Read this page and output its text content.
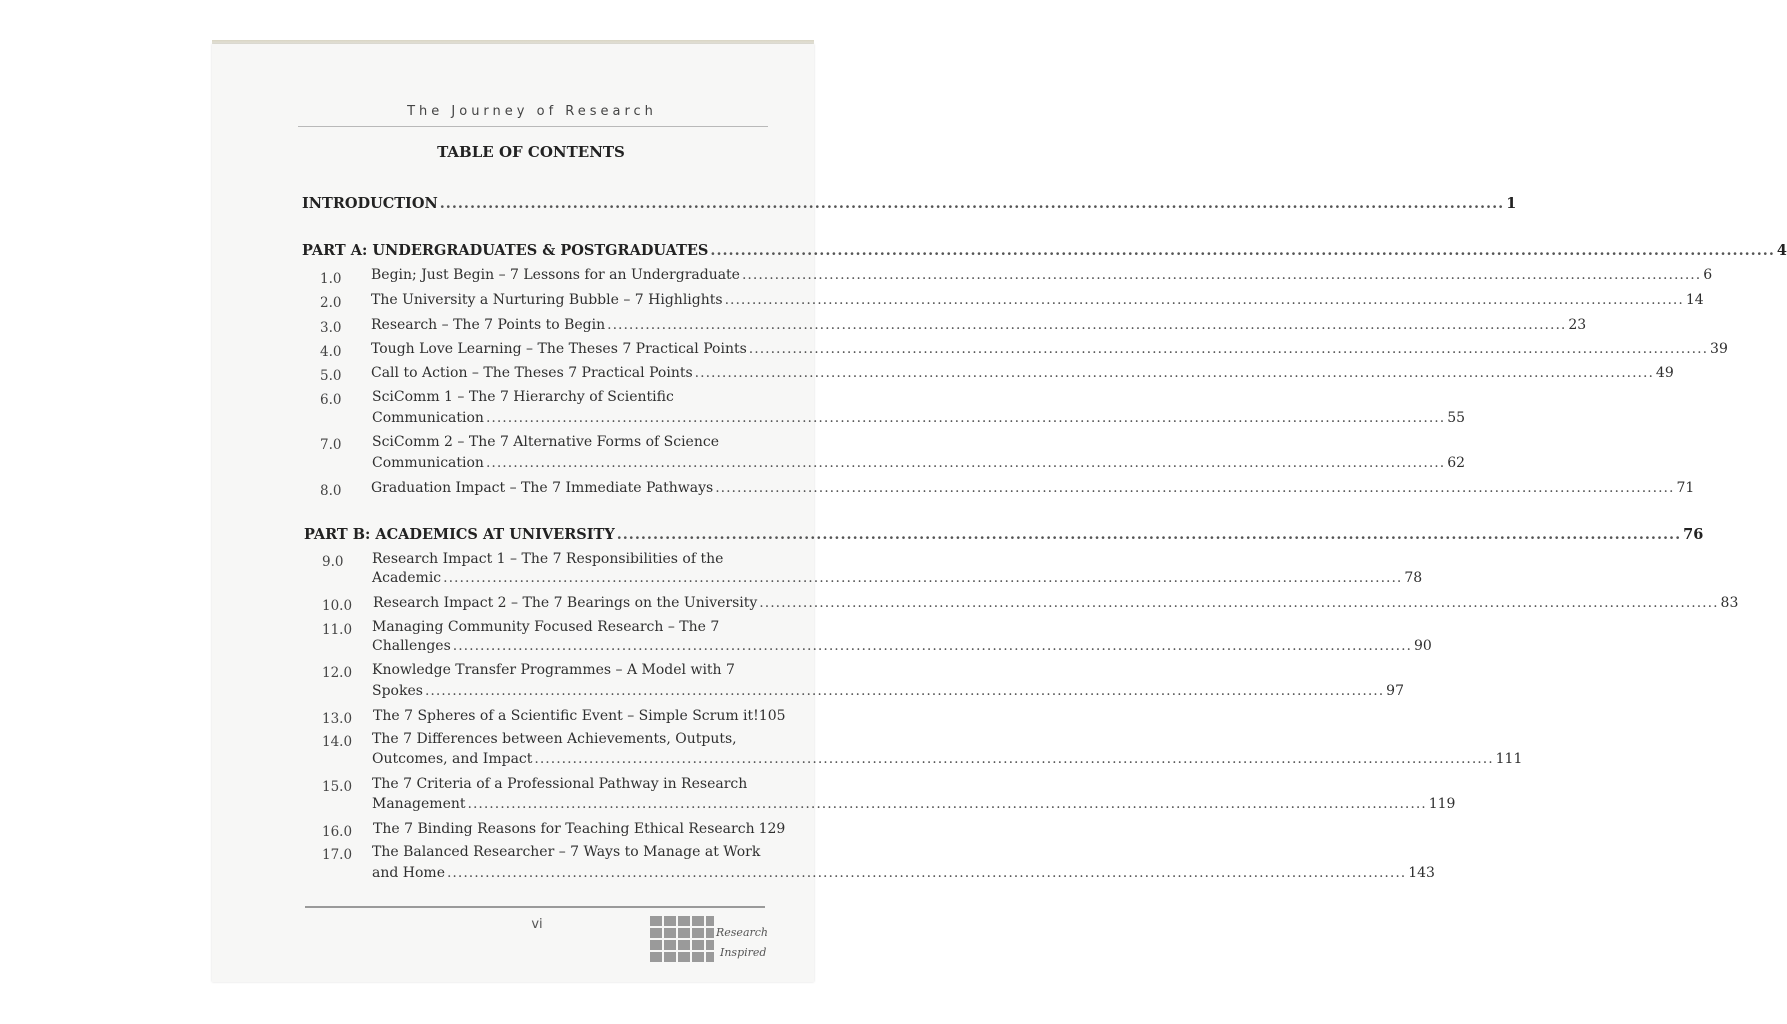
The Journey of Research
TABLE OF CONTENTS
INTRODUCTION .....	1
PART A: UNDERGRADUATES & POSTGRADUATES .....	4
1.0 Begin; Just Begin – 7 Lessons for an Undergraduate .....	6
2.0 The University a Nurturing Bubble – 7 Highlights .....	14
3.0 Research – The 7 Points to Begin .....	23
4.0 Tough Love Learning – The Theses 7 Practical Points .....	39
5.0 Call to Action – The Theses 7 Practical Points .....	49
6.0 SciComm 1 – The 7 Hierarchy of Scientific
Communication .....	55
7.0 SciComm 2 – The 7 Alternative Forms of Science
Communication .....	62
8.0 Graduation Impact – The 7 Immediate Pathways .....	71
PART B: ACADEMICS AT UNIVERSITY .....	76
9.0 Research Impact 1 – The 7 Responsibilities of the
Academic .....	78
10.0 Research Impact 2 – The 7 Bearings on the University .....	83
11.0 Managing Community Focused Research – The 7
Challenges .....	90
12.0 Knowledge Transfer Programmes – A Model with 7
Spokes .....	97
13.0 The 7 Spheres of a Scientific Event – Simple Scrum it! 105
14.0 The 7 Differences between Achievements, Outputs,
Outcomes, and Impact .....	111
15.0 The 7 Criteria of a Professional Pathway in Research
Management .....	119
16.0 The 7 Binding Reasons for Teaching Ethical Research 129
17.0 The Balanced Researcher – 7 Ways to Manage at Work
and Home .....	143
vi
Research
Inspired
